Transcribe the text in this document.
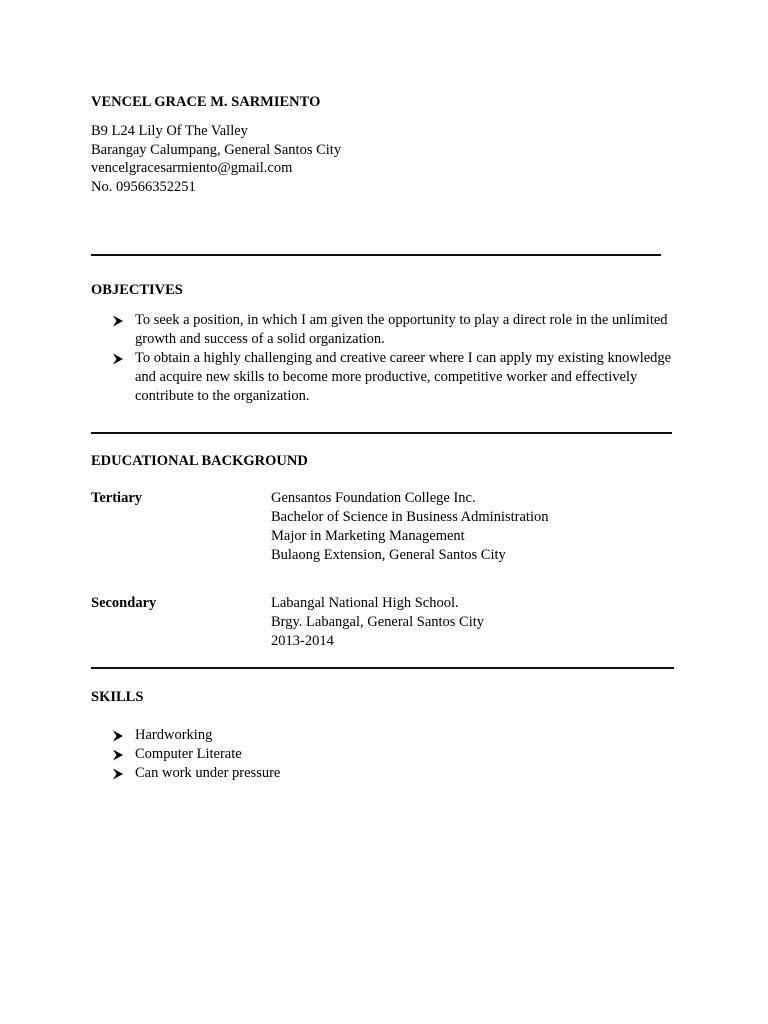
VENCEL GRACE M. SARMIENTO
B9 L24 Lily Of The Valley
Barangay Calumpang, General Santos City
vencelgracesarmiento@gmail.com
No. 09566352251
OBJECTIVES
To seek a position, in which I am given the opportunity to play a direct role in the unlimited growth and success of a solid organization.
To obtain a highly challenging and creative career where I can apply my existing knowledge and acquire new skills to become more productive, competitive worker and effectively contribute to the organization.
EDUCATIONAL BACKGROUND
Tertiary	Gensantos Foundation College Inc.
Bachelor of Science in Business Administration
Major in Marketing Management
Bulaong Extension, General Santos City
Secondary	Labangal National High School.
Brgy. Labangal, General Santos City
2013-2014
SKILLS
Hardworking
Computer Literate
Can work under pressure
